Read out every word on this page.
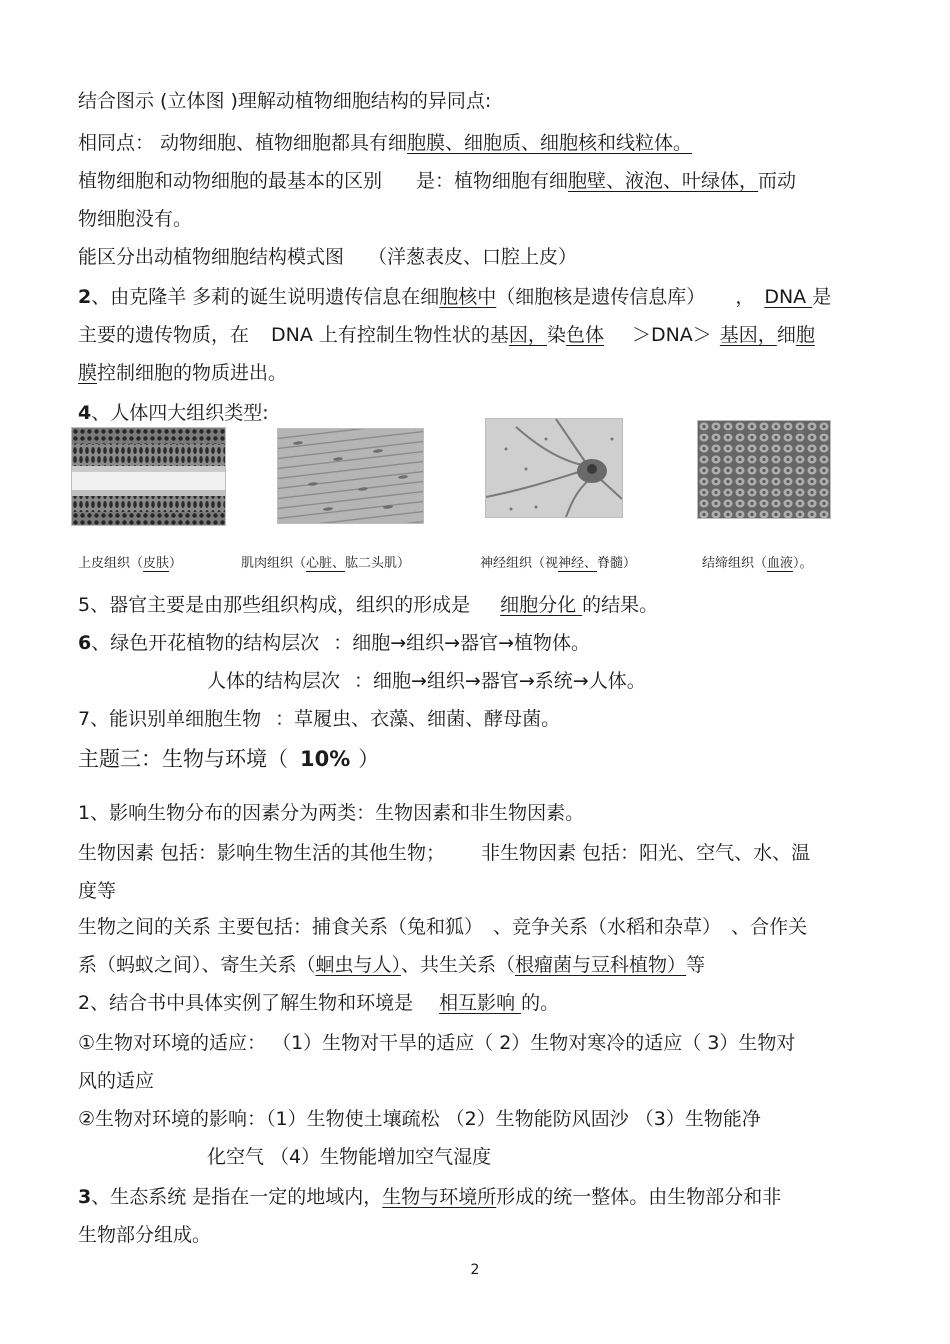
结合图示 (立体图 )理解动植物细胞结构的异同点:
相同点： 动物细胞、植物细胞都具有细胞膜、细胞质、细胞核和线粒体。
植物细胞和动物细胞的最基本的区别 是：植物细胞有细胞壁、液泡、叶绿体，而动
物细胞没有。
能区分出动植物细胞结构模式图 （洋葱表皮、口腔上皮）
2、由克隆羊 多莉的诞生说明遗传信息在细胞核中（细胞核是遗传信息库） ， DNA 是
主要的遗传物质，在 DNA 上有控制生物性状的基因，染色体 ＞DNA＞ 基因，细胞
膜控制细胞的物质进出。
4、人体四大组织类型:
上皮组织（皮肤）	肌肉组织（心脏、肱二头肌）	神经组织（视神经、脊髓）	结缔组织（血液）。
5、器官主要是由那些组织构成，组织的形成是 细胞分化 的结果。
6、绿色开花植物的结构层次 ：细胞→组织→器官→植物体。
人体的结构层次 ：细胞→组织→器官→系统→人体。
7、能识别单细胞生物 ：草履虫、衣藻、细菌、酵母菌。
主题三：生物与环境（ 10% ）
1、影响生物分布的因素分为两类：生物因素和非生物因素。
生物因素 包括：影响生物生活的其他生物； 非生物因素 包括：阳光、空气、水、温
度等
生物之间的关系 主要包括：捕食关系（兔和狐） 、竞争关系（水稻和杂草） 、合作关
系（蚂蚁之间）、寄生关系（蛔虫与人）、共生关系（根瘤菌与豆科植物）等
2、结合书中具体实例了解生物和环境是 相互影响 的。
①生物对环境的适应： （1）生物对干旱的适应（ 2）生物对寒冷的适应（ 3）生物对
风的适应
②生物对环境的影响：（1）生物使土壤疏松 （2）生物能防风固沙 （3）生物能净
化空气 （4）生物能增加空气湿度
3、生态系统 是指在一定的地域内，生物与环境所形成的统一整体。由生物部分和非
生物部分组成。
2
